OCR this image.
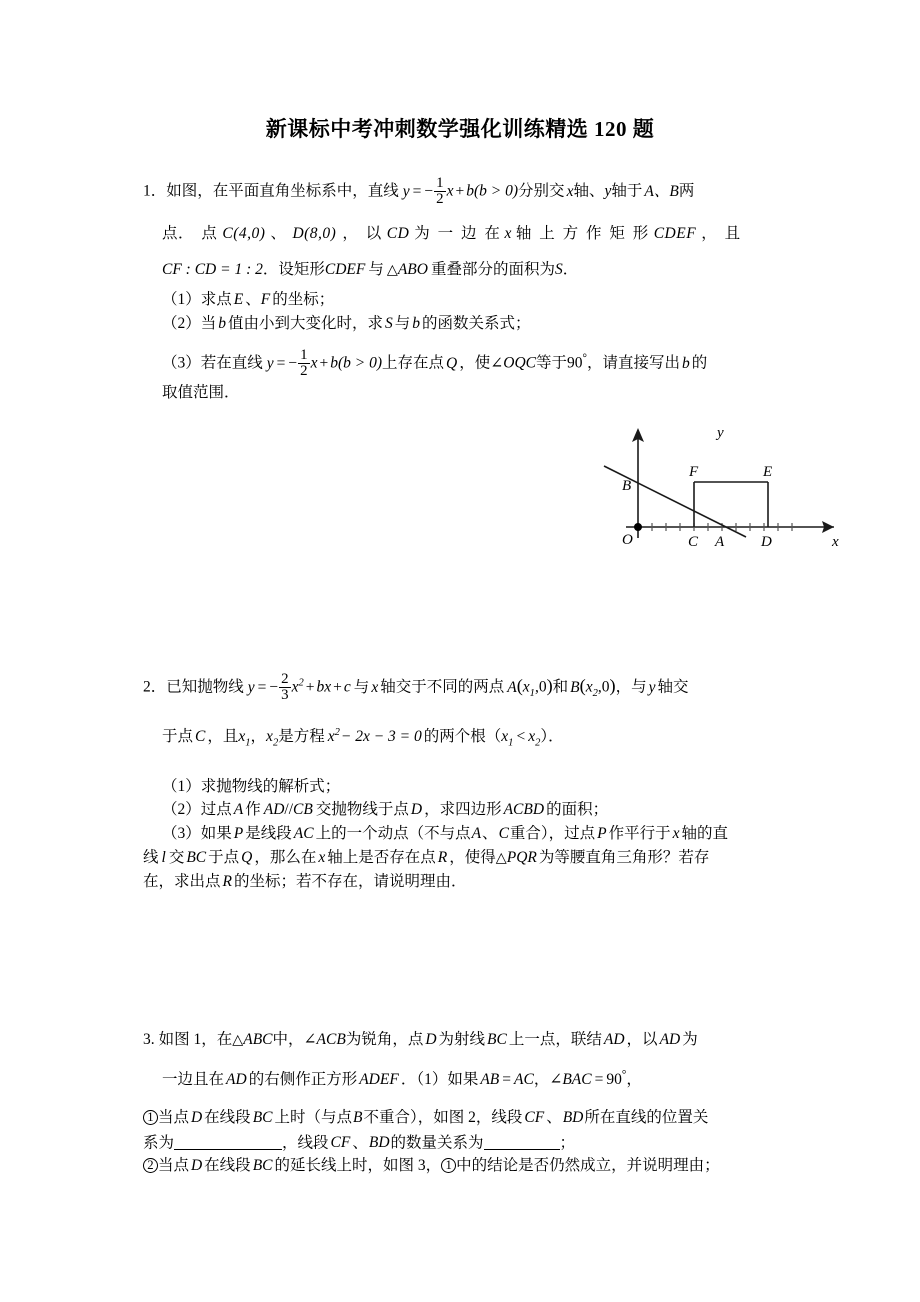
新课标中考冲刺数学强化训练精选 120 题
1．如图，在平面直角坐标系中，直线 y = − $\frac{1}{2}$ x + b(b > 0)分别交 x轴、y轴于 A、B两
点． 点 C(4,0) 、 D(8,0) ， 以 CD 为 一 边 在 x 轴 上 方 作 矩 形 CDEF ， 且
CF : CD = 1 : 2．设矩形CDEF 与 △ ABO 重叠部分的面积为S．
（1）求点 E 、F 的坐标；
（2）当 b 值由小到大变化时，求 S 与 b 的函数关系式；
（3）若在直线 y = − $\frac{1}{2}$ x + b(b > 0)上存在点 Q ，使 ∠ OQC等于90°，请直接写出 b 的
取值范围．
y
x
O
B
C A D
F	E
2．已知抛物线 y = − $\frac{2}{3} x^2$ + bx + c 与 x 轴交于不同的两点 $A(x_1,0)$和 $B(x_2,0)$，与 y 轴交
于点 C ，且$x_1$，$x_2$是方程 $x^2- 2x - 3 = 0$ 的两个根$(x_1 < x_2)$．
（1）求抛物线的解析式；
（2）过点 A 作 AD//CB 交抛物线于点 D ，求四边形 ACBD 的面积；
（3）如果 P 是线段 AC 上的一个动点（不与点A、C重合），过点 P 作平行于 x 轴的直
线 l 交 BC 于点 Q ，那么在 x 轴上是否存在点 R ，使得 △ PQR 为等腰直角三角形？若存
在，求出点 R 的坐标；若不存在，请说明理由．
3. 如图 1，在 △ ABC中， ∠ ACB为锐角，点 D 为射线 BC 上一点，联结 AD ，以 AD 为
一边且在 AD 的右侧作正方形 ADEF ．（1）如果 AB = AC， ∠ BAC = 90°，
1 当点 D 在线段 BC 上时（与点B不重合），如图 2，线段 CF 、BD所在直线的位置关
系为	，线段 CF 、BD的数量关系为	；
2 当点 D 在线段 BC 的延长线上时，如图 3， 1 中的结论是否仍然成立，并说明理由；
